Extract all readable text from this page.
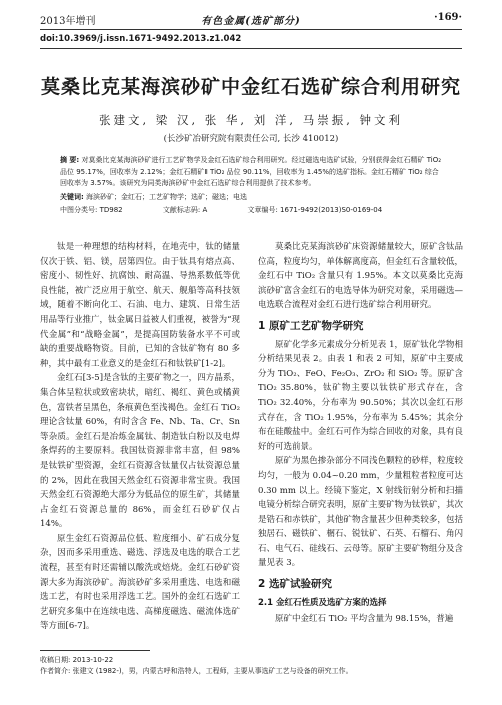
2013年增刊	有色金属(选矿部分)	·169·
doi:10.3969/j.issn.1671-9492.2013.z1.042
莫桑比克某海滨砂矿中金红石选矿综合利用研究
张建文, 梁 汉, 张 华, 刘 洋, 马崇振, 钟文利
(长沙矿冶研究院有限责任公司, 长沙 410012)
摘 要: 对莫桑比克某海滨砂矿进行工艺矿物学及金红石选矿综合利用研究。经过磁选电选矿试验，分别获得金红石精矿 TiO₂ 品位 95.17%，回收率为 2.12%；金红石精矿Ⅱ TiO₂ 品位 90.11%，回收率为 1.45%的选矿指标。金红石精矿 TiO₂ 综合回收率为 3.57%。该研究为同类海滨砂矿中金红石选矿综合利用提供了技术参考。
关键词: 海滨砂矿；金红石；工艺矿物学；选矿；磁选；电选
中图分类号: TD982	文献标志码: A	文章编号: 1671-9492(2013)S0-0169-04

钛是一种理想的结构材料，在地壳中，钛的储量仅次于铁、铝、镁，居第四位。由于钛具有熔点高、密度小、韧性好、抗腐蚀、耐高温、导热系数低等优良性能，被广泛应用于航空、航天、舰船等高科技领域，随着不断向化工、石油、电力、建筑、日常生活用品等行业推广，钛金属日益被人们重视，被誉为“现代金属”和“战略金属”，是提高国防装备水平不可或缺的重要战略物资。目前，已知的含钛矿物有 80 多种，其中最有工业意义的是金红石和钛铁矿[1-2]。

金红石[3-5]是含钛的主要矿物之一，四方晶系，集合体呈粒状或致密块状，暗红、褐红、黄色或橘黄色，富铁者呈黑色，条痕黄色至浅褐色。金红石 TiO₂ 理论含钛量 60%，有时含含 Fe、Nb、Ta、Cr、Sn 等杂质。金红石是冶炼金属钛、制造钛白粉以及电焊条焊药的主要原料。我国钛资源非常丰富，但 98%是钛铁矿型资源，金红石资源含钛量仅占钛资源总量的 2%，因此在我国天然金红石资源非常宝贵。我国天然金红石资源绝大部分为低品位的原生矿，其储量占金红石资源总量的 86%，而金红石砂矿仅占 14%。

原生金红石资源品位低、粒度细小、矿石成分复杂，因而多采用重选、磁选、浮选及电选的联合工艺流程，甚至有时还需辅以酸洗或焙烧。金红石砂矿资源大多为海滨砂矿。海滨砂矿多采用重选、电选和磁选工艺，有时也采用浮选工艺。国外的金红石选矿工艺研究多集中在连续电选、高梯度磁选、磁流体选矿等方面[6-7]。

莫桑比克某海滨砂矿床资源储量较大，原矿含钛品位高，粒度均匀，单体解离度高，但金红石含量较低，金红石中 TiO₂ 含量只有 1.95%。本文以莫桑比克海滨砂矿富含金红石的电选导体为研究对象，采用磁选—电选联合流程对金红石进行选矿综合利用研究。

1 原矿工艺矿物学研究

原矿化学多元素成分分析见表 1，原矿钛化学物相分析结果见表 2。由表 1 和表 2 可知，原矿中主要成分为 TiO₂、FeO、Fe₂O₃、ZrO₂ 和 SiO₂ 等。原矿含 TiO₂ 35.80%，钛矿物主要以钛铁矿形式存在，含 TiO₂ 32.40%，分布率为 90.50%；其次以金红石形式存在，含 TiO₂ 1.95%，分布率为 5.45%；其余分布在硅酸盐中。金红石可作为综合回收的对象，具有良好的可选前景。

原矿为黑色掺杂部分不同浅色颗粒的砂样，粒度较均匀，一般为 0.04~0.20 mm，少量粗粒者粒度可达 0.30 mm 以上。经镜下鉴定，X 射线衍射分析和扫描电镜分析综合研究表明，原矿主要矿物为钛铁矿，其次是锆石和赤铁矿，其他矿物含量甚少但种类较多，包括独居石、磁铁矿、榍石、锐钛矿、石英、石榴石、角闪石、电气石、硅线石、云母等。原矿主要矿物组分及含量见表 3。

2 选矿试验研究
2.1 金红石性质及选矿方案的选择

原矿中金红石 TiO₂ 平均含量为 98.15%，普遍

收稿日期: 2013-10-22
作者简介: 张建文 (1982-)，男，内蒙古呼和浩特人，工程师，主要从事选矿工艺与设备的研究工作。
